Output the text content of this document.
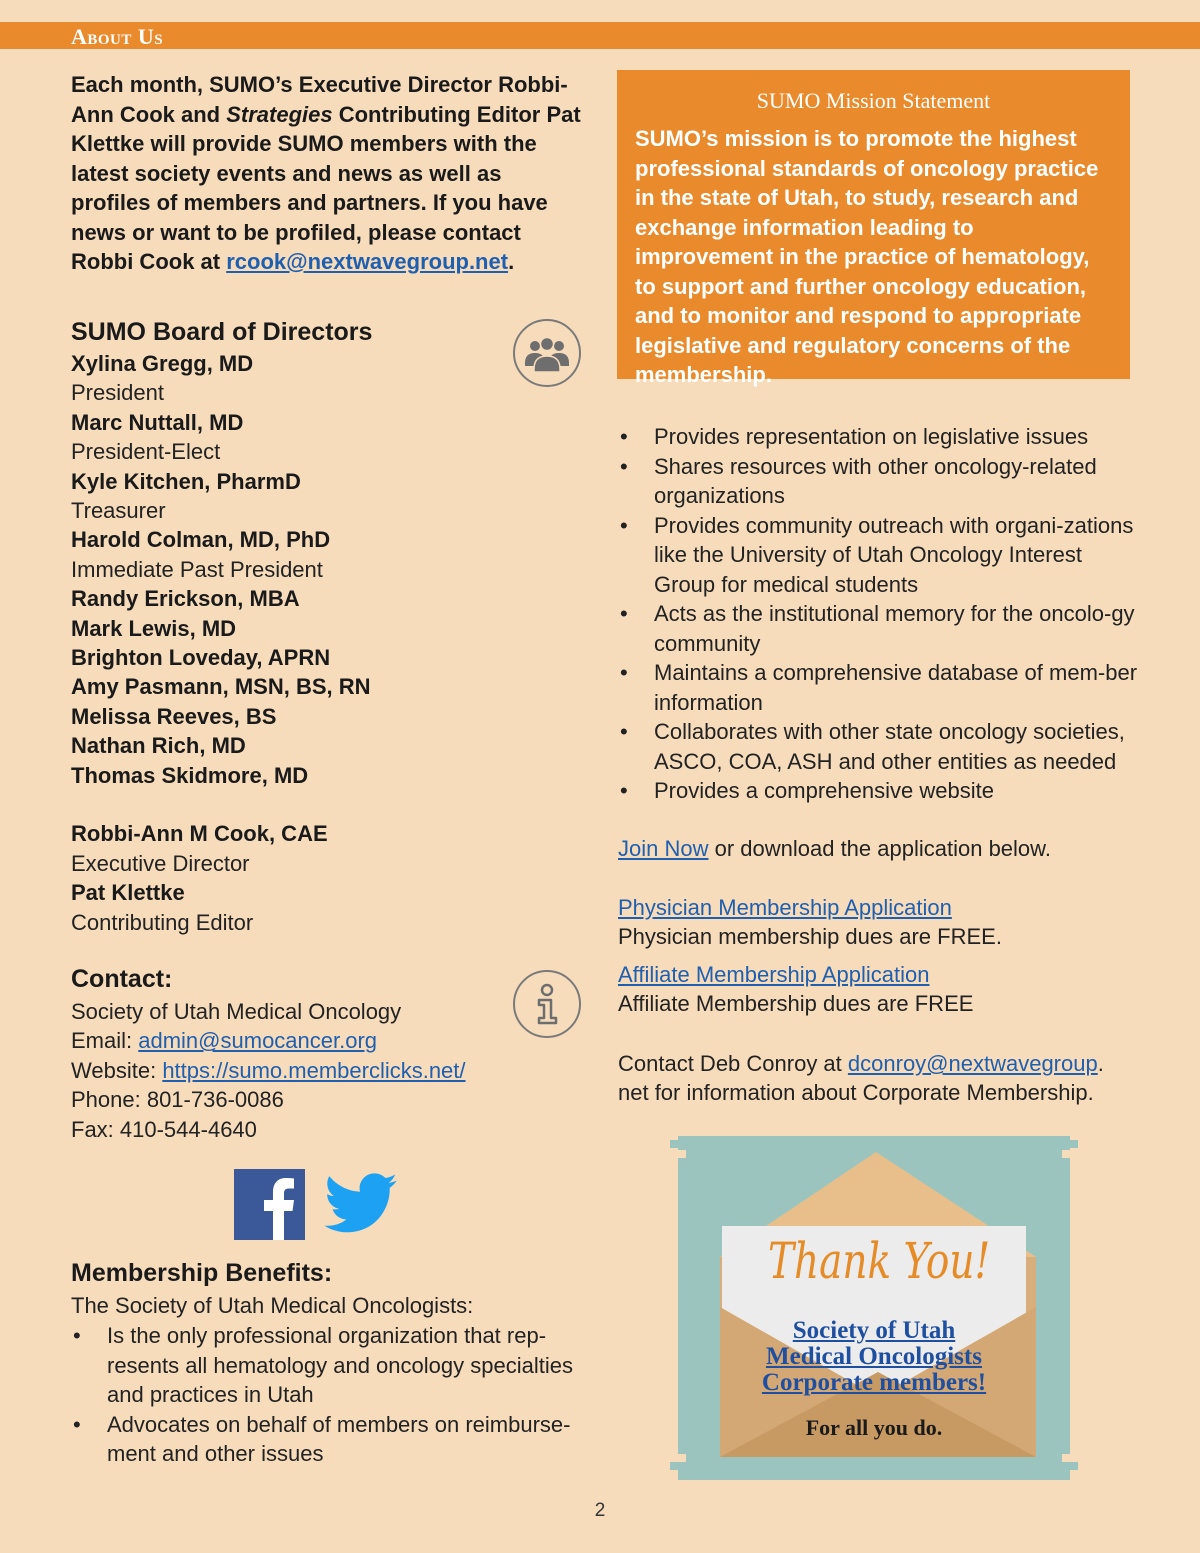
About Us
Each month, SUMO’s Executive Director Robbi-Ann Cook and Strategies Contributing Editor Pat Klettke will provide SUMO members with the latest society events and news as well as profiles of members and partners. If you have news or want to be profiled, please contact Robbi Cook at rcook@nextwavegroup.net.
SUMO Board of Directors
Xylina Gregg, MD
President
Marc Nuttall, MD
President-Elect
Kyle Kitchen, PharmD
Treasurer
Harold Colman, MD, PhD
Immediate Past President
Randy Erickson, MBA
Mark Lewis, MD
Brighton Loveday, APRN
Amy Pasmann, MSN, BS, RN
Melissa Reeves, BS
Nathan Rich, MD
Thomas Skidmore, MD
Robbi-Ann M Cook, CAE
Executive Director
Pat Klettke
Contributing Editor
Contact:
Society of Utah Medical Oncology
Email: admin@sumocancer.org
Website: https://sumo.memberclicks.net/
Phone: 801-736-0086
Fax: 410-544-4640
Membership Benefits:
The Society of Utah Medical Oncologists:
• Is the only professional organization that rep-resents all hematology and oncology specialties and practices in Utah
• Advocates on behalf of members on reimburse-ment and other issues
SUMO Mission Statement
SUMO’s mission is to promote the highest professional standards of oncology practice in the state of Utah, to study, research and exchange information leading to improvement in the practice of hematology, to support and further oncology education, and to monitor and respond to appropriate legislative and regulatory concerns of the membership.
• Provides representation on legislative issues
• Shares resources with other oncology-related organizations
• Provides community outreach with organi-zations like the University of Utah Oncology Interest Group for medical students
• Acts as the institutional memory for the oncolo-gy community
• Maintains a comprehensive database of mem-ber information
• Collaborates with other state oncology societies, ASCO, COA, ASH and other entities as needed
• Provides a comprehensive website
Join Now or download the application below.
Physician Membership Application
Physician membership dues are FREE.
Affiliate Membership Application
Affiliate Membership dues are FREE
Contact Deb Conroy at dconroy@nextwavegroup.
net for information about Corporate Membership.
Thank You!
Society of Utah
Medical Oncologists
Corporate members!
For all you do.
2
